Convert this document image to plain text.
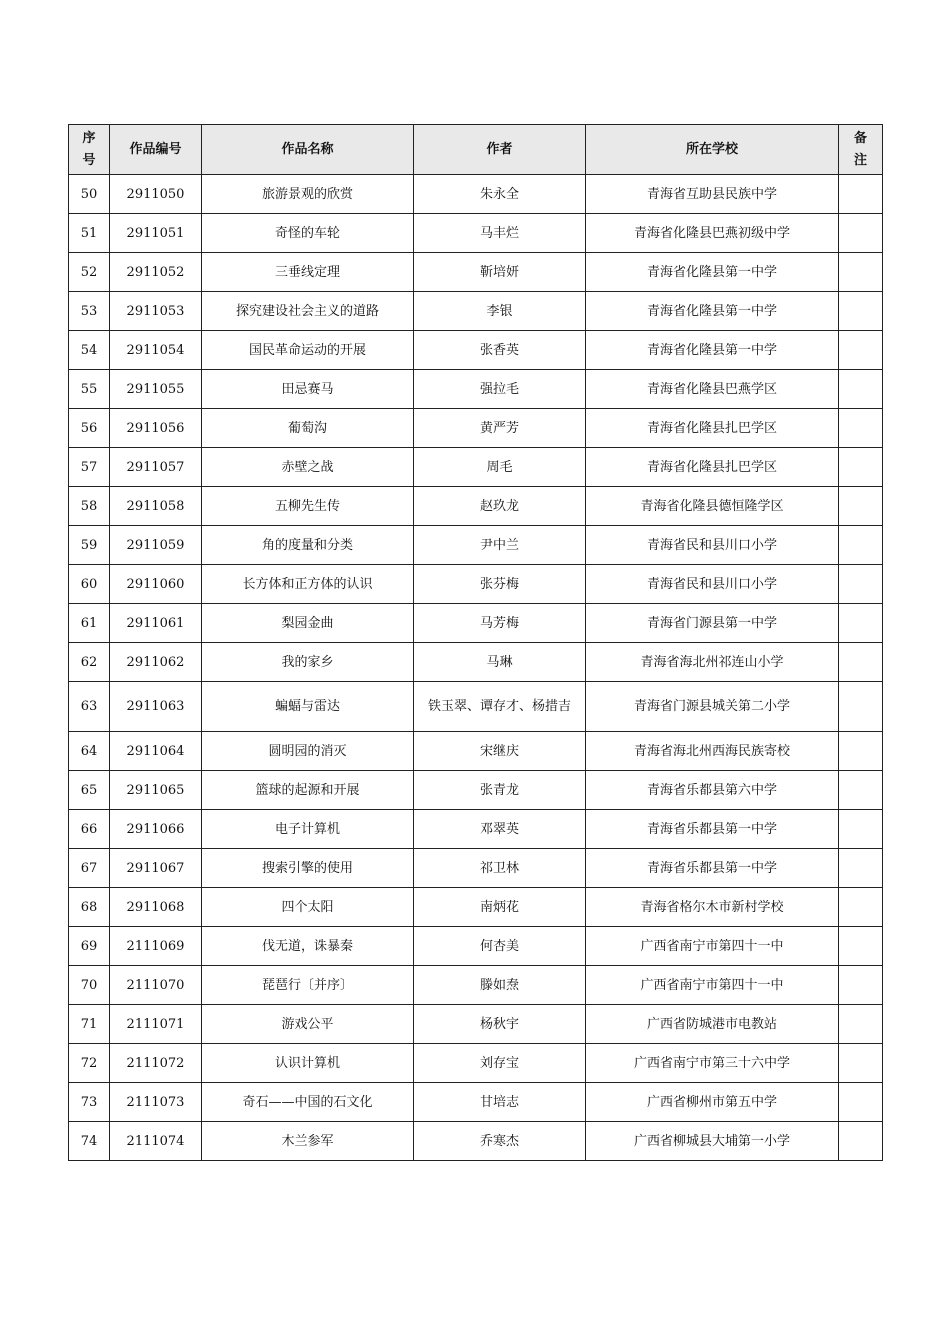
序号	作品编号	作品名称	作者	所在学校	备注

50	2911050	旅游景观的欣赏	朱永全	青海省互助县民族中学	
51	2911051	奇怪的车轮	马丰烂	青海省化隆县巴燕初级中学	
52	2911052	三垂线定理	靳培妍	青海省化隆县第一中学	
53	2911053	探究建设社会主义的道路	李银	青海省化隆县第一中学	
54	2911054	国民革命运动的开展	张香英	青海省化隆县第一中学	
55	2911055	田忌赛马	强拉毛	青海省化隆县巴燕学区	
56	2911056	葡萄沟	黄严芳	青海省化隆县扎巴学区	
57	2911057	赤壁之战	周毛	青海省化隆县扎巴学区	
58	2911058	五柳先生传	赵玖龙	青海省化隆县德恒隆学区	
59	2911059	角的度量和分类	尹中兰	青海省民和县川口小学	
60	2911060	长方体和正方体的认识	张芬梅	青海省民和县川口小学	
61	2911061	梨园金曲	马芳梅	青海省门源县第一中学	
62	2911062	我的家乡	马琳	青海省海北州祁连山小学	
63	2911063	蝙蝠与雷达	铁玉翠、谭存才、杨措吉	青海省门源县城关第二小学	
64	2911064	圆明园的消灭	宋继庆	青海省海北州西海民族寄校	
65	2911065	篮球的起源和开展	张青龙	青海省乐都县第六中学	
66	2911066	电子计算机	邓翠英	青海省乐都县第一中学	
67	2911067	搜索引擎的使用	祁卫林	青海省乐都县第一中学	
68	2911068	四个太阳	南炳花	青海省格尔木市新村学校	
69	2111069	伐无道，诛暴秦	何杏美	广西省南宁市第四十一中	
70	2111070	琵琶行〔并序〕	滕如焘	广西省南宁市第四十一中	
71	2111071	游戏公平	杨秋宇	广西省防城港市电教站	
72	2111072	认识计算机	刘存宝	广西省南宁市第三十六中学	
73	2111073	奇石——中国的石文化	甘培志	广西省柳州市第五中学	
74	2111074	木兰参军	乔寒杰	广西省柳城县大埔第一小学	
